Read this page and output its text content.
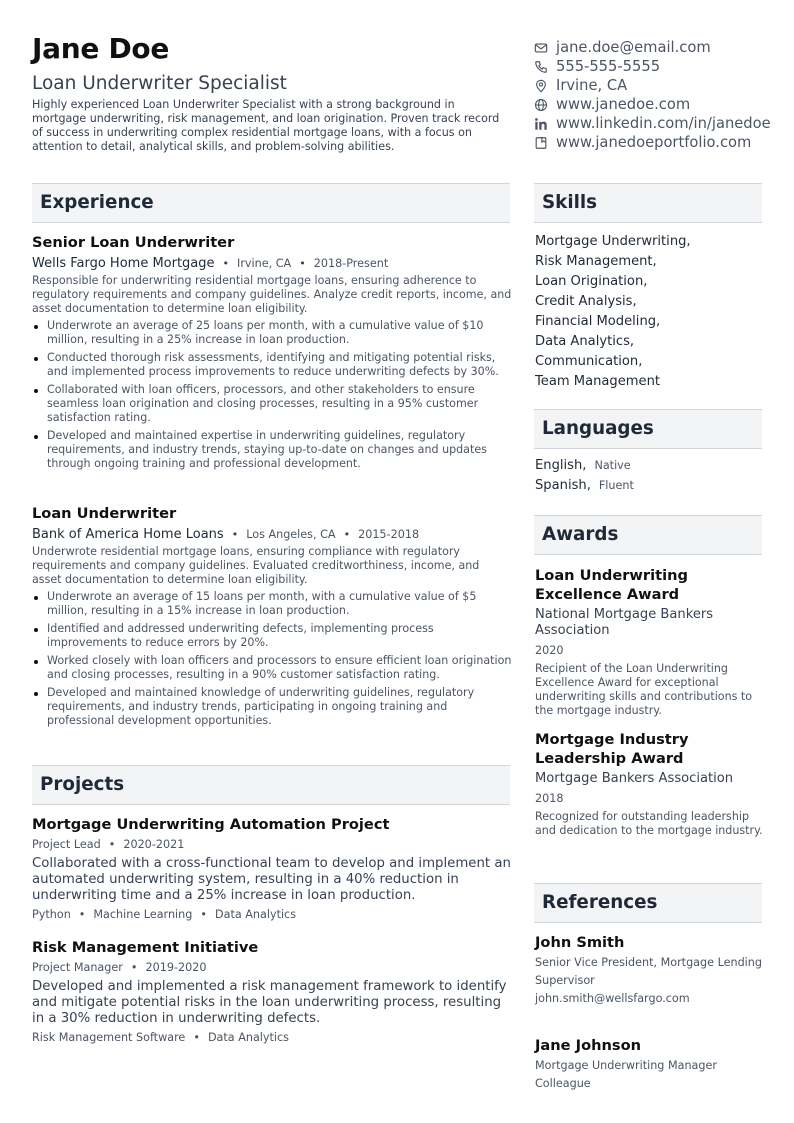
Jane Doe
Loan Underwriter Specialist

Highly experienced Loan Underwriter Specialist with a strong background in mortgage underwriting, risk management, and loan origination. Proven track record of success in underwriting complex residential mortgage loans, with a focus on attention to detail, analytical skills, and problem-solving abilities.

jane.doe@email.com
555-555-5555
Irvine, CA
www.janedoe.com
www.linkedin.com/in/janedoe
www.janedoeportfolio.com
Experience
Senior Loan Underwriter
Wells Fargo Home Mortgage • Irvine, CA • 2018-Present

Responsible for underwriting residential mortgage loans, ensuring adherence to regulatory requirements and company guidelines. Analyze credit reports, income, and asset documentation to determine loan eligibility.

Underwrote an average of 25 loans per month, with a cumulative value of $10 million, resulting in a 25% increase in loan production.
Conducted thorough risk assessments, identifying and mitigating potential risks, and implemented process improvements to reduce underwriting defects by 30%.
Collaborated with loan officers, processors, and other stakeholders to ensure seamless loan origination and closing processes, resulting in a 95% customer satisfaction rating.
Developed and maintained expertise in underwriting guidelines, regulatory requirements, and industry trends, staying up-to-date on changes and updates through ongoing training and professional development.
Loan Underwriter
Bank of America Home Loans • Los Angeles, CA • 2015-2018

Underwrote residential mortgage loans, ensuring compliance with regulatory requirements and company guidelines. Evaluated creditworthiness, income, and asset documentation to determine loan eligibility.

Underwrote an average of 15 loans per month, with a cumulative value of $5 million, resulting in a 15% increase in loan production.
Identified and addressed underwriting defects, implementing process improvements to reduce errors by 20%.
Worked closely with loan officers and processors to ensure efficient loan origination and closing processes, resulting in a 90% customer satisfaction rating.
Developed and maintained knowledge of underwriting guidelines, regulatory requirements, and industry trends, participating in ongoing training and professional development opportunities.
Projects
Mortgage Underwriting Automation Project
Project Lead • 2020-2021

Collaborated with a cross-functional team to develop and implement an automated underwriting system, resulting in a 40% reduction in underwriting time and a 25% increase in loan production.

Python • Machine Learning • Data Analytics
Risk Management Initiative
Project Manager • 2019-2020

Developed and implemented a risk management framework to identify and mitigate potential risks in the loan underwriting process, resulting in a 30% reduction in underwriting defects.

Risk Management Software • Data Analytics
Skills
Mortgage Underwriting,
Risk Management,
Loan Origination,
Credit Analysis,
Financial Modeling,
Data Analytics,
Communication,
Team Management
Languages
English, Native
Spanish, Fluent
Awards
Loan Underwriting Excellence Award
National Mortgage Bankers Association
2020
Recipient of the Loan Underwriting Excellence Award for exceptional underwriting skills and contributions to the mortgage industry.
Mortgage Industry Leadership Award
Mortgage Bankers Association
2018
Recognized for outstanding leadership and dedication to the mortgage industry.
References
John Smith
Senior Vice President, Mortgage Lending
Supervisor
john.smith@wellsfargo.com
Jane Johnson
Mortgage Underwriting Manager
Colleague
